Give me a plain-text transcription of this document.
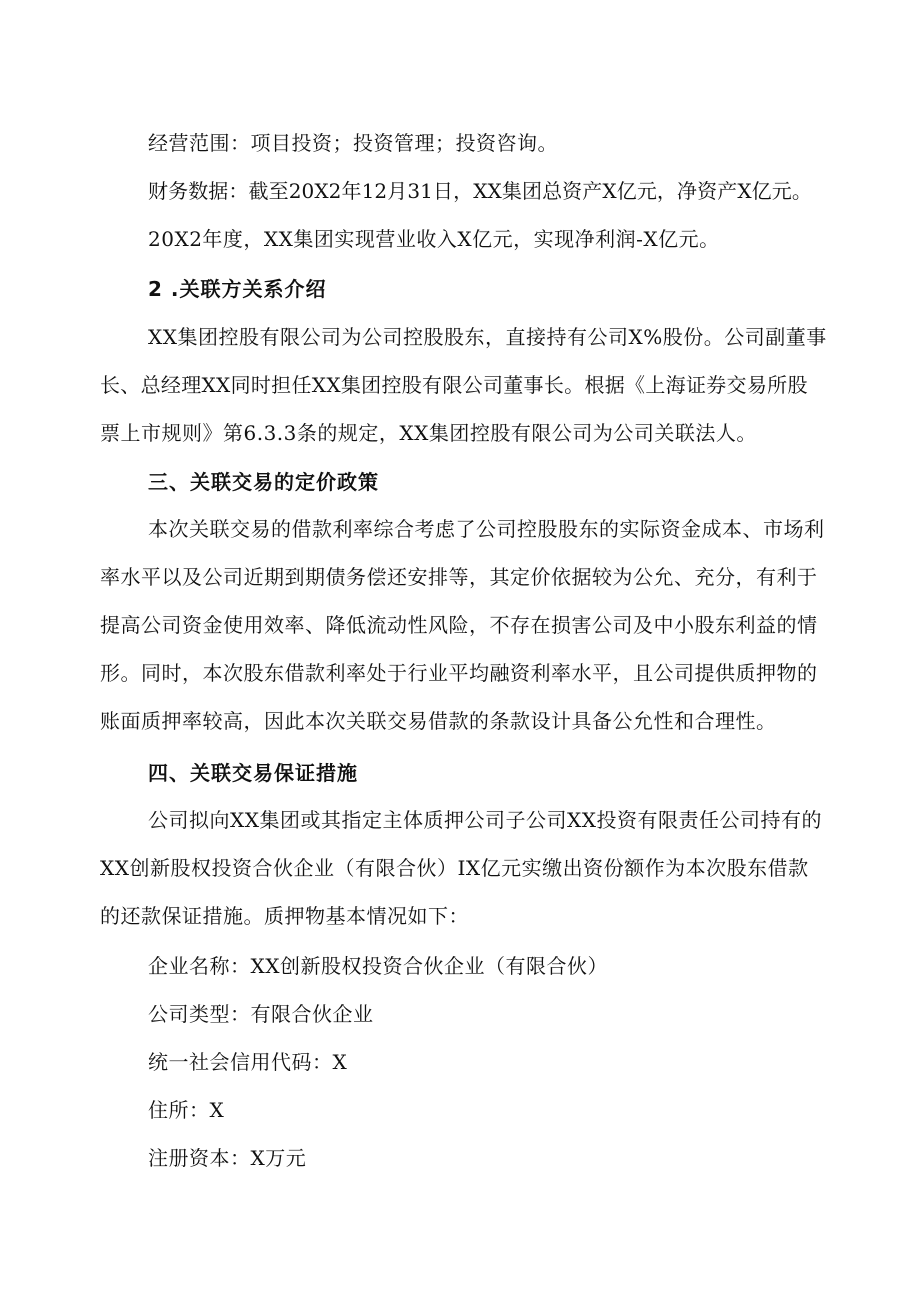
经营范围：项目投资；投资管理；投资咨询。

财务数据：截至20X2年12月31日，XX集团总资产X亿元，净资产X亿元。
20X2年度，XX集团实现营业收入X亿元，实现净利润-X亿元。

2 .关联方关系介绍

XX集团控股有限公司为公司控股股东，直接持有公司X%股份。公司副董事
长、总经理XX同时担任XX集团控股有限公司董事长。根据《上海证券交易所股
票上市规则》第6.3.3条的规定，XX集团控股有限公司为公司关联法人。

三、关联交易的定价政策

本次关联交易的借款利率综合考虑了公司控股股东的实际资金成本、市场利
率水平以及公司近期到期债务偿还安排等，其定价依据较为公允、充分，有利于
提高公司资金使用效率、降低流动性风险，不存在损害公司及中小股东利益的情
形。同时，本次股东借款利率处于行业平均融资利率水平，且公司提供质押物的
账面质押率较高，因此本次关联交易借款的条款设计具备公允性和合理性。

四、关联交易保证措施

公司拟向XX集团或其指定主体质押公司子公司XX投资有限责任公司持有的
XX创新股权投资合伙企业（有限合伙）IX亿元实缴出资份额作为本次股东借款
的还款保证措施。质押物基本情况如下：

企业名称：XX创新股权投资合伙企业（有限合伙）

公司类型：有限合伙企业

统一社会信用代码：X

住所：X

注册资本：X万元
